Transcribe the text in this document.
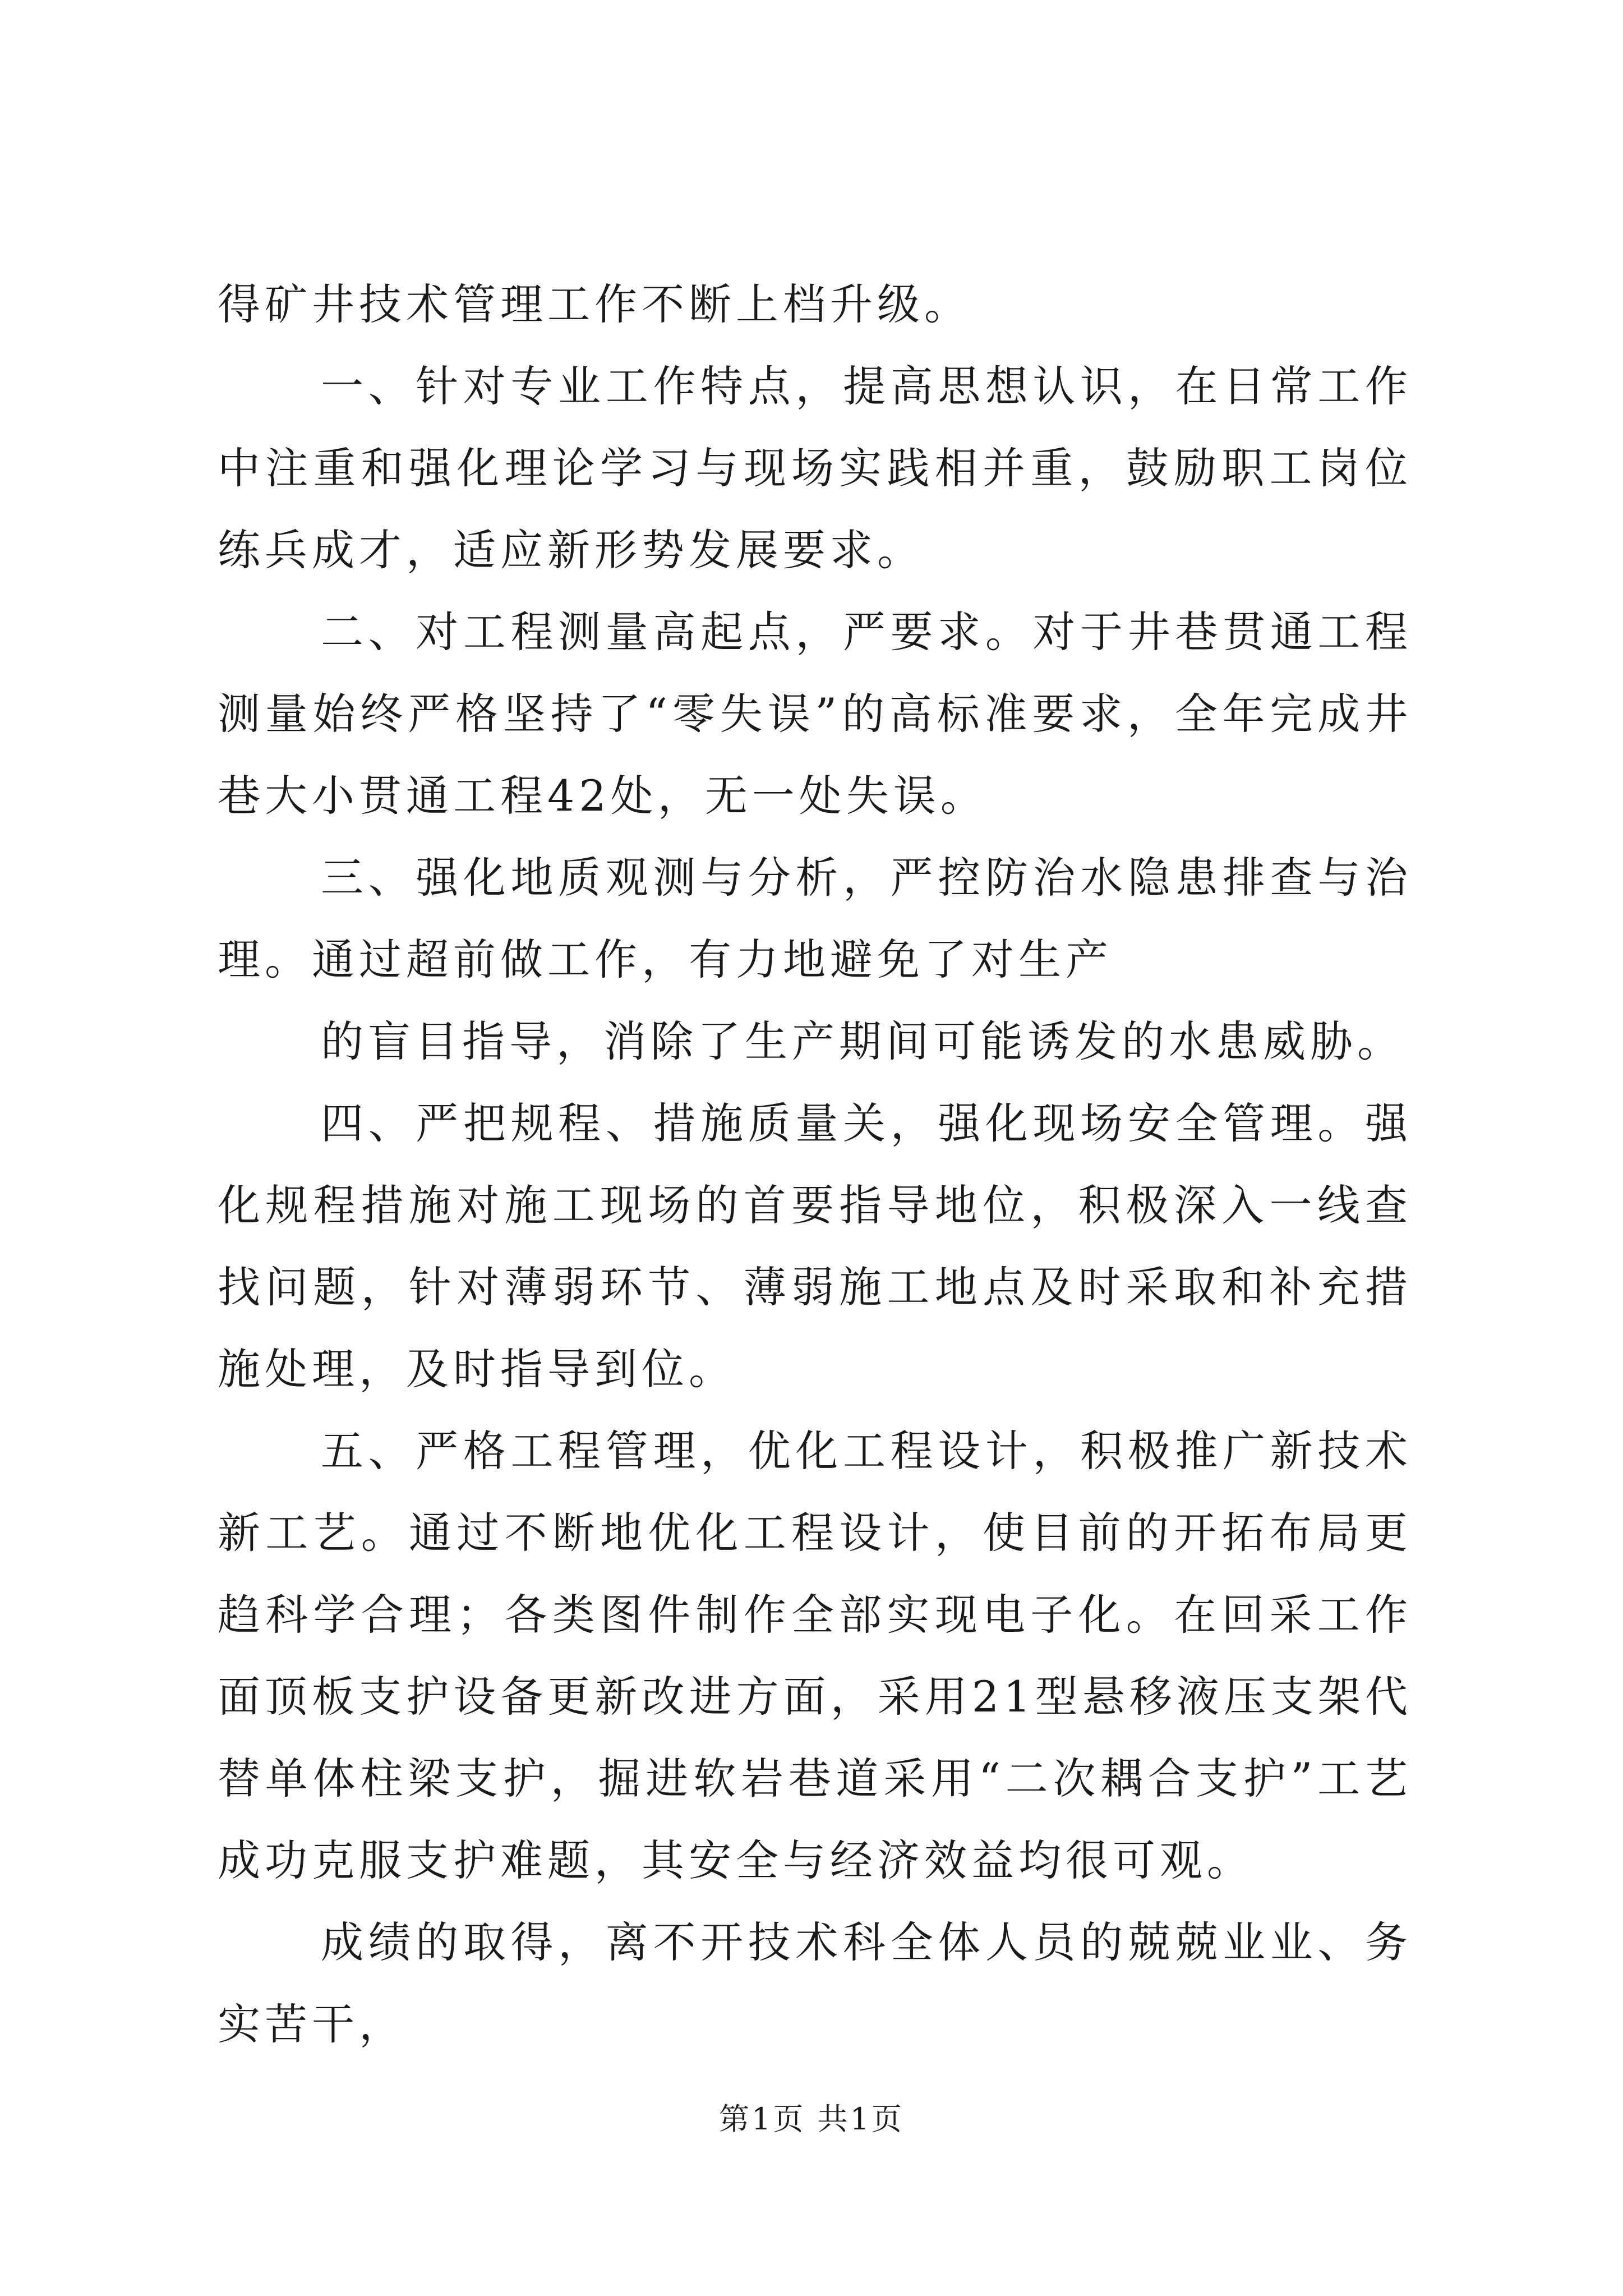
得矿井技术管理工作不断上档升级。

一、针对专业工作特点，提高思想认识，在日常工作中注重和强化理论学习与现场实践相并重，鼓励职工岗位练兵成才，适应新形势发展要求。

二、对工程测量高起点，严要求。对于井巷贯通工程测量始终严格坚持了“零失误”的高标准要求，全年完成井巷大小贯通工程42处，无一处失误。

三、强化地质观测与分析，严控防治水隐患排查与治理。通过超前做工作，有力地避免了对生产

的盲目指导，消除了生产期间可能诱发的水患威胁。

四、严把规程、措施质量关，强化现场安全管理。强化规程措施对施工现场的首要指导地位，积极深入一线查找问题，针对薄弱环节、薄弱施工地点及时采取和补充措施处理，及时指导到位。

五、严格工程管理，优化工程设计，积极推广新技术新工艺。通过不断地优化工程设计，使目前的开拓布局更趋科学合理；各类图件制作全部实现电子化。在回采工作面顶板支护设备更新改进方面，采用21型悬移液压支架代替单体柱梁支护，掘进软岩巷道采用“二次耦合支护”工艺成功克服支护难题，其安全与经济效益均很可观。

成绩的取得，离不开技术科全体人员的兢兢业业、务实苦干，

第1页 共1页
